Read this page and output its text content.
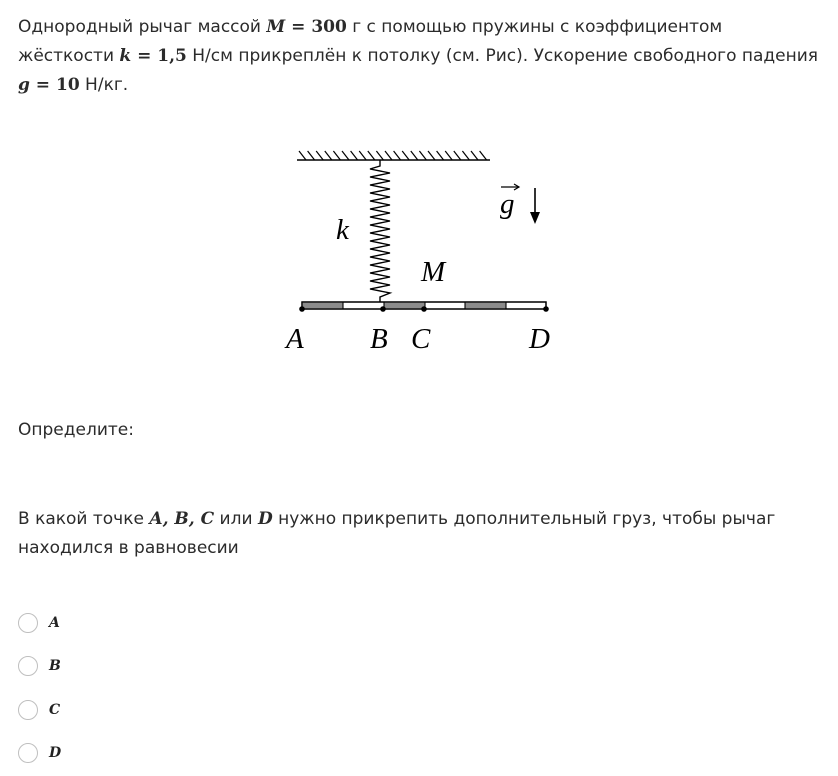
Однородный рычаг массой M = 300 г с помощью пружины с коэффициентом жёсткости k = 1,5 Н/см прикреплён к потолку (см. Рис). Ускорение свободного падения g = 10 Н/кг.

k
M
g
A B C	D

Определите:

В какой точке A, B, C или D нужно прикрепить дополнительный груз, чтобы рычаг находился в равновесии

A
B
C
D
